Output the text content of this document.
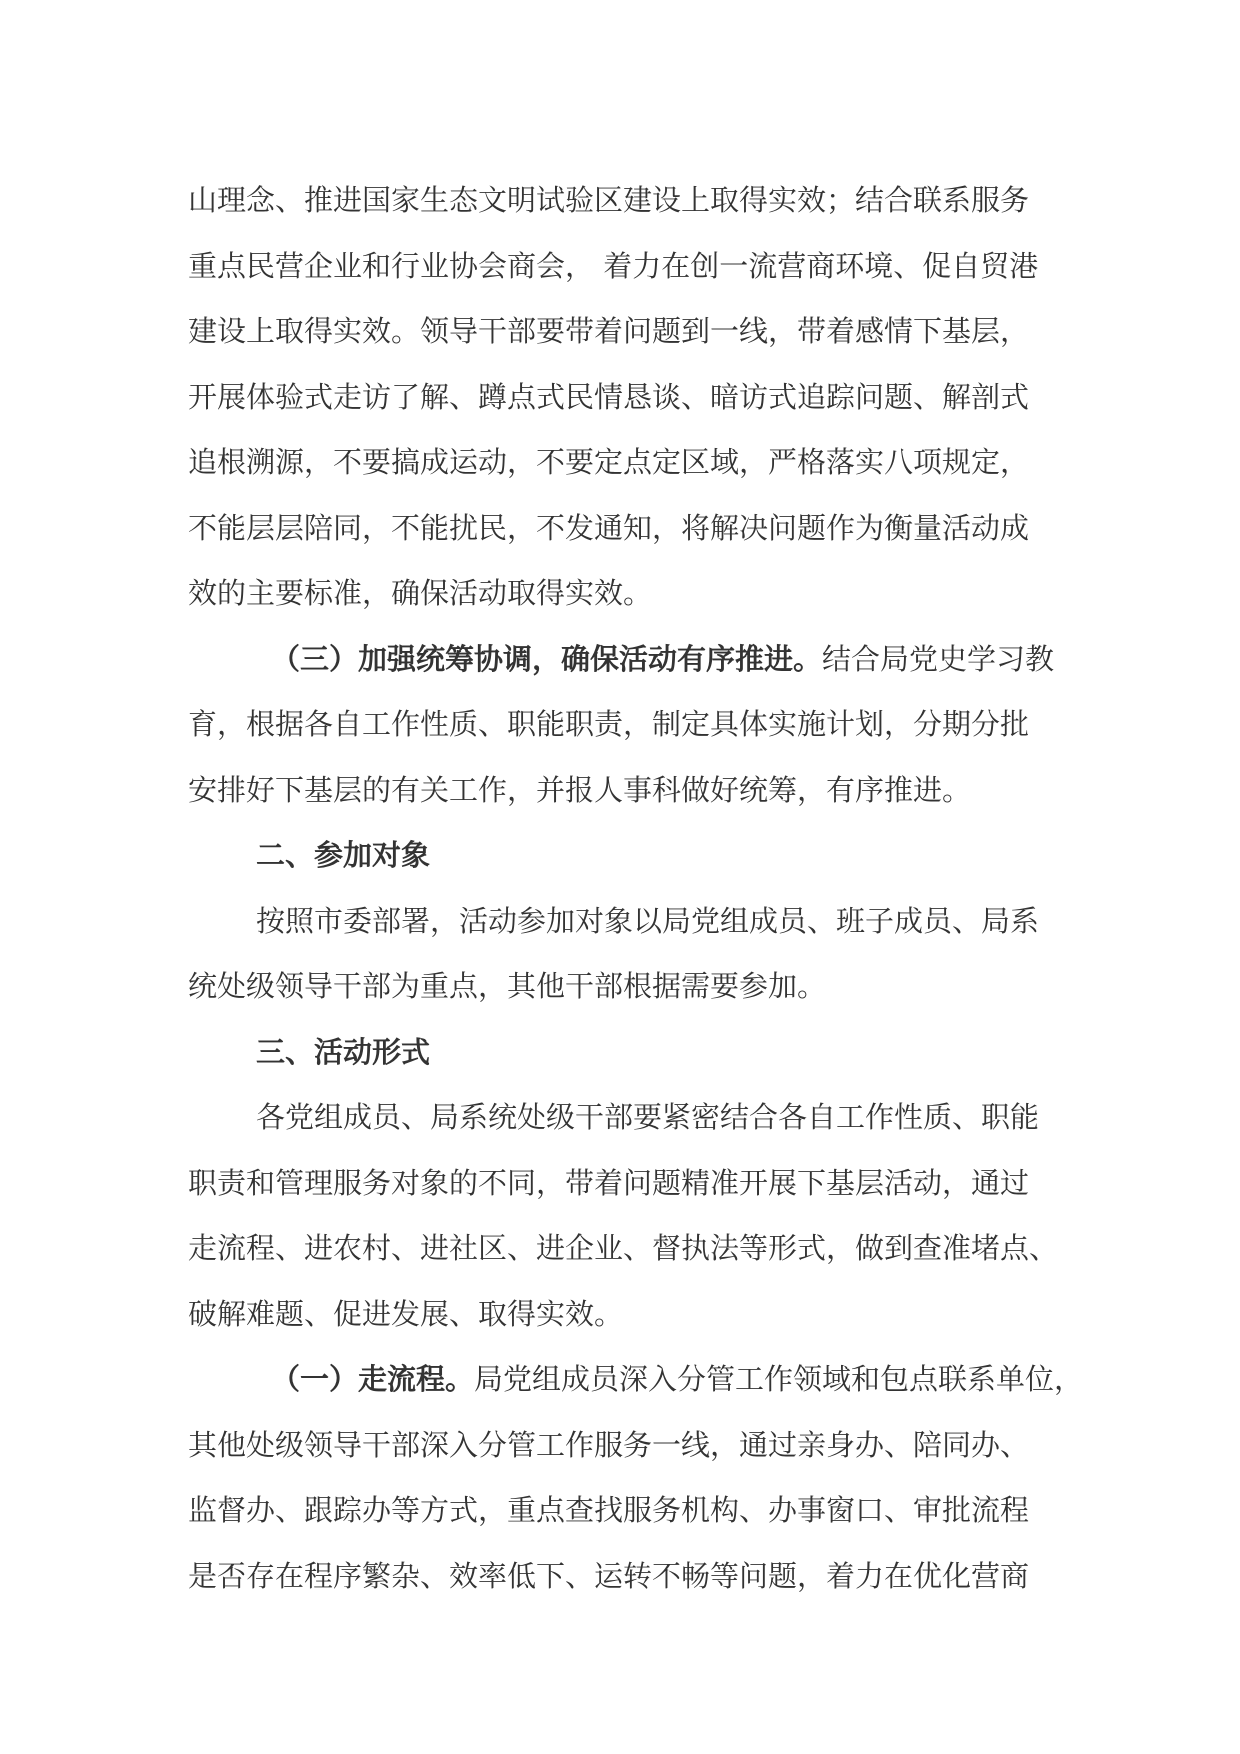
山理念、推进国家生态文明试验区建设上取得实效；结合联系服务
重点民营企业和行业协会商会， 着力在创一流营商环境、促自贸港
建设上取得实效。领导干部要带着问题到一线，带着感情下基层，
开展体验式走访了解、蹲点式民情恳谈、暗访式追踪问题、解剖式
追根溯源，不要搞成运动，不要定点定区域，严格落实八项规定，
不能层层陪同，不能扰民，不发通知，将解决问题作为衡量活动成
效的主要标准，确保活动取得实效。
（三）加强统筹协调，确保活动有序推进。结合局党史学习教
育，根据各自工作性质、职能职责，制定具体实施计划，分期分批
安排好下基层的有关工作，并报人事科做好统筹，有序推进。
二、参加对象
按照市委部署，活动参加对象以局党组成员、班子成员、局系
统处级领导干部为重点，其他干部根据需要参加。
三、活动形式
各党组成员、局系统处级干部要紧密结合各自工作性质、职能
职责和管理服务对象的不同，带着问题精准开展下基层活动，通过
走流程、进农村、进社区、进企业、督执法等形式，做到查准堵点、
破解难题、促进发展、取得实效。
（一）走流程。局党组成员深入分管工作领域和包点联系单位，
其他处级领导干部深入分管工作服务一线，通过亲身办、陪同办、
监督办、跟踪办等方式，重点查找服务机构、办事窗口、审批流程
是否存在程序繁杂、效率低下、运转不畅等问题，着力在优化营商
